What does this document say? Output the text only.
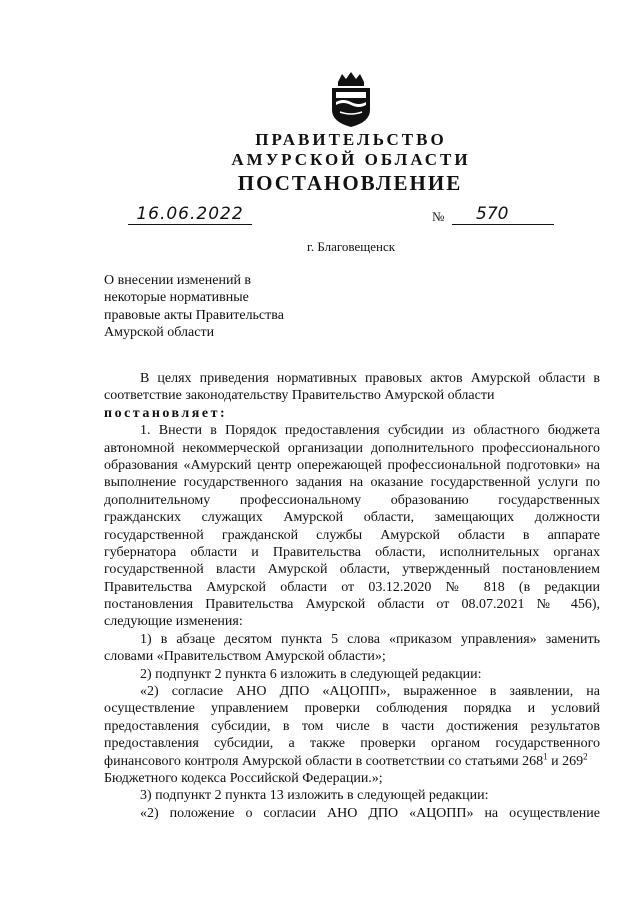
ПРАВИТЕЛЬСТВО
АМУРСКОЙ ОБЛАСТИ
ПОСТАНОВЛЕНИЕ
16.06.2022	№	570
г. Благовещенск
О внесении изменений в
некоторые нормативные
правовые акты Правительства
Амурской области
В целях приведения нормативных правовых актов Амурской области в
соответствие законодательству Правительство Амурской области
постановляет:
1. Внести в Порядок предоставления субсидии из областного бюджета
автономной некоммерческой организации дополнительного профессионального
образования «Амурский центр опережающей профессиональной подготовки» на
выполнение государственного задания на оказание государственной услуги по
дополнительному профессиональному образованию государственных
гражданских служащих Амурской области, замещающих должности
государственной гражданской службы Амурской области в аппарате
губернатора области и Правительства области, исполнительных органах
государственной власти Амурской области, утвержденный постановлением
Правительства Амурской области от 03.12.2020 № 818 (в редакции
постановления Правительства Амурской области от 08.07.2021 № 456),
следующие изменения:
1) в абзаце десятом пункта 5 слова «приказом управления» заменить
словами «Правительством Амурской области»;
2) подпункт 2 пункта 6 изложить в следующей редакции:
«2) согласие АНО ДПО «АЦОПП», выраженное в заявлении, на
осуществление управлением проверки соблюдения порядка и условий
предоставления субсидии, в том числе в части достижения результатов
предоставления субсидии, а также проверки органом государственного
финансового контроля Амурской области в соответствии со статьями $268^1$ и $269^2$
Бюджетного кодекса Российской Федерации.»;
3) подпункт 2 пункта 13 изложить в следующей редакции:
«2) положение о согласии АНО ДПО «АЦОПП» на осуществление
